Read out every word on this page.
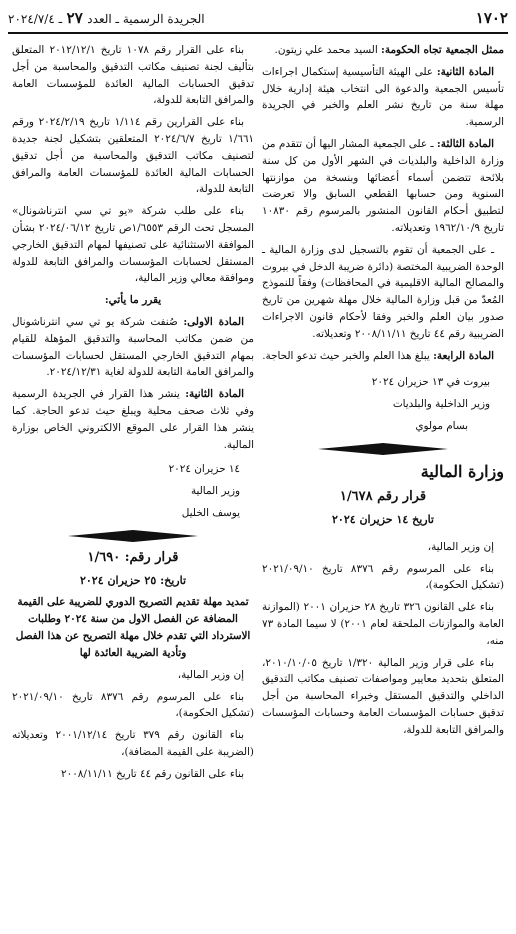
١٧٠٢
الجريدة الرسمية ـ العدد ٢٧ ـ ٢٠٢٤/٧/٤

ممثل الجمعية تجاه الحكومة: السيد محمد علي زيتون.

المادة الثانية: على الهيئة التأسيسية إستكمال اجراءات تأسيس الجمعية والدعوة الى انتخاب هيئة إدارية خلال مهلة سنة من تاريخ نشر العلم والخبر في الجريدة الرسمية.

المادة الثالثة: ـ على الجمعية المشار اليها أن تتقدم من وزارة الداخلية والبلديات في الشهر الأول من كل سنة بلائحة تتضمن أسماء أعضائها وبنسخة من موازنتها السنوية ومن حسابها القطعي السابق والا تعرضت لتطبيق أحكام القانون المنشور بالمرسوم رقم ١٠٨٣٠ تاريخ ١٩٦٢/١٠/٩ وتعديلاته.

ـ على الجمعية أن تقوم بالتسجيل لدى وزارة المالية ـ الوحدة الضريبية المختصة (دائرة ضريبة الدخل في بيروت والمصالح المالية الاقليمية في المحافظات) وفقاً للنموذج المُعدّ من قبل وزارة المالية خلال مهلة شهرين من تاريخ صدور بيان العلم والخبر وفقا لأحكام قانون الاجراءات الضريبية رقم ٤٤ تاريخ ٢٠٠٨/١١/١١ وتعديلاته.

المادة الرابعة: يبلغ هذا العلم والخبر حيث تدعو الحاجة.

بيروت في ١٣ حزيران ٢٠٢٤

وزير الداخلية والبلديات

بسام مولوي

وزارة المالية
قرار رقم ١/٦٧٨
تاريخ ١٤ حزيران ٢٠٢٤

إن وزير المالية،

بناء على المرسوم رقم ٨٣٧٦ تاريخ ٢٠٢١/٠٩/١٠ (تشكيل الحكومة)،

بناء على القانون ٣٢٦ تاريخ ٢٨ حزيران ٢٠٠١ (الموازنة العامة والموازنات الملحقة لعام ٢٠٠١) لا سيما المادة ٧٣ منه،

بناء على قرار وزير المالية ١/٣٢٠ تاريخ ٢٠١٠/١٠/٠٥، المتعلق بتحديد معايير ومواصفات تصنيف مكاتب التدقيق الداخلي والتدقيق المستقل وخبراء المحاسبة من أجل تدقيق حسابات المؤسسات العامة وحسابات المؤسسات والمرافق التابعة للدولة،

بناء على القرار رقم ١٠٧٨ تاريخ ٢٠١٢/١٢/١ المتعلق بتأليف لجنة تصنيف مكاتب التدقيق والمحاسبة من أجل تدقيق الحسابات المالية العائدة للمؤسسات العامة والمرافق التابعة للدولة،

بناء على القرارين رقم ١/١١٤ تاريخ ٢٠٢٤/٢/١٩ ورقم ١/٦٦١ تاريخ ٢٠٢٤/٦/٧ المتعلقين بتشكيل لجنة جديدة لتصنيف مكاتب التدقيق والمحاسبة من أجل تدقيق الحسابات المالية العائدة للمؤسسات العامة والمرافق التابعة للدولة،

بناء على طلب شركة «يو تي سي انترناشونال» المسجل تحت الرقم ١/٦٥٥٣ص تاريخ ٢٠٢٤/٠٦/١٢ بشأن الموافقة الاستثنائية على تصنيفها لمهام التدقيق الخارجي المستقل لحسابات المؤسسات والمرافق التابعة للدولة وموافقة معالي وزير المالية،

يقرر ما يأتي:

المادة الاولى: صُنفت شركة يو تي سي انترناشونال من ضمن مكاتب المحاسبة والتدقيق المؤهلة للقيام بمهام التدقيق الخارجي المستقل لحسابات المؤسسات والمرافق العامة التابعة للدولة لغاية ٢٠٢٤/١٢/٣١.

المادة الثانية: ينشر هذا القرار في الجريدة الرسمية وفي ثلاث صحف محلية ويبلغ حيث تدعو الحاجة. كما ينشر هذا القرار على الموقع الالكتروني الخاص بوزارة المالية.

١٤ حزيران ٢٠٢٤

وزير المالية

يوسف الخليل

قرار رقم: ١/٦٩٠
تاريخ: ٢٥ حزيران ٢٠٢٤

تمديد مهلة تقديم التصريح الدوري للضريبة على القيمة المضافة عن الفصل الاول من سنة ٢٠٢٤ وطلبات الاسترداد التي تقدم خلال مهلة التصريح عن هذا الفصل وتأدية الضريبة العائدة لها

إن وزير المالية،

بناء على المرسوم رقم ٨٣٧٦ تاريخ ٢٠٢١/٠٩/١٠ (تشكيل الحكومة)،

بناء القانون رقم ٣٧٩ تاريخ ٢٠٠١/١٢/١٤ وتعديلاته (الضريبة على القيمة المضافة)،

بناء على القانون رقم ٤٤ تاريخ ٢٠٠٨/١١/١١
